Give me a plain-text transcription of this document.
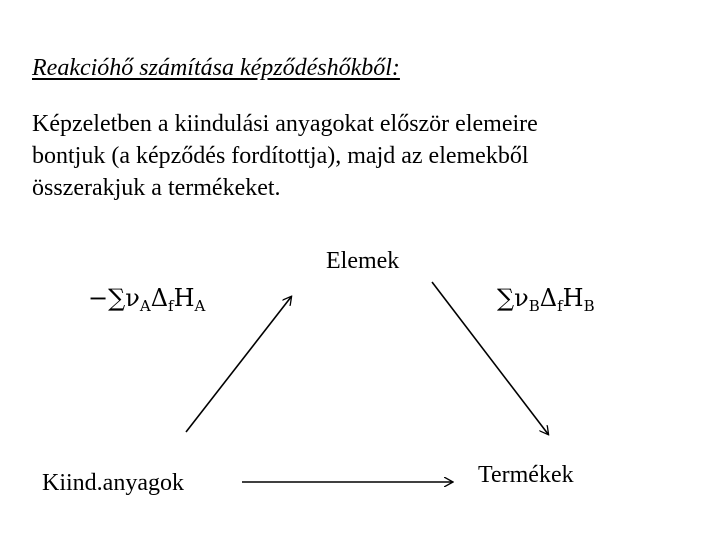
Reakcióhő számítása képződéshőkből:
Képzeletben a kiindulási anyagokat először elemeire
bontjuk (a képződés fordítottja), majd az elemekből
összerakjuk a termékeket.
Elemek
$-\sum\nu_A\Delta_fH_A$	$\sum\nu_B\Delta_fH_B$
Kiind.anyagok	Termékek
